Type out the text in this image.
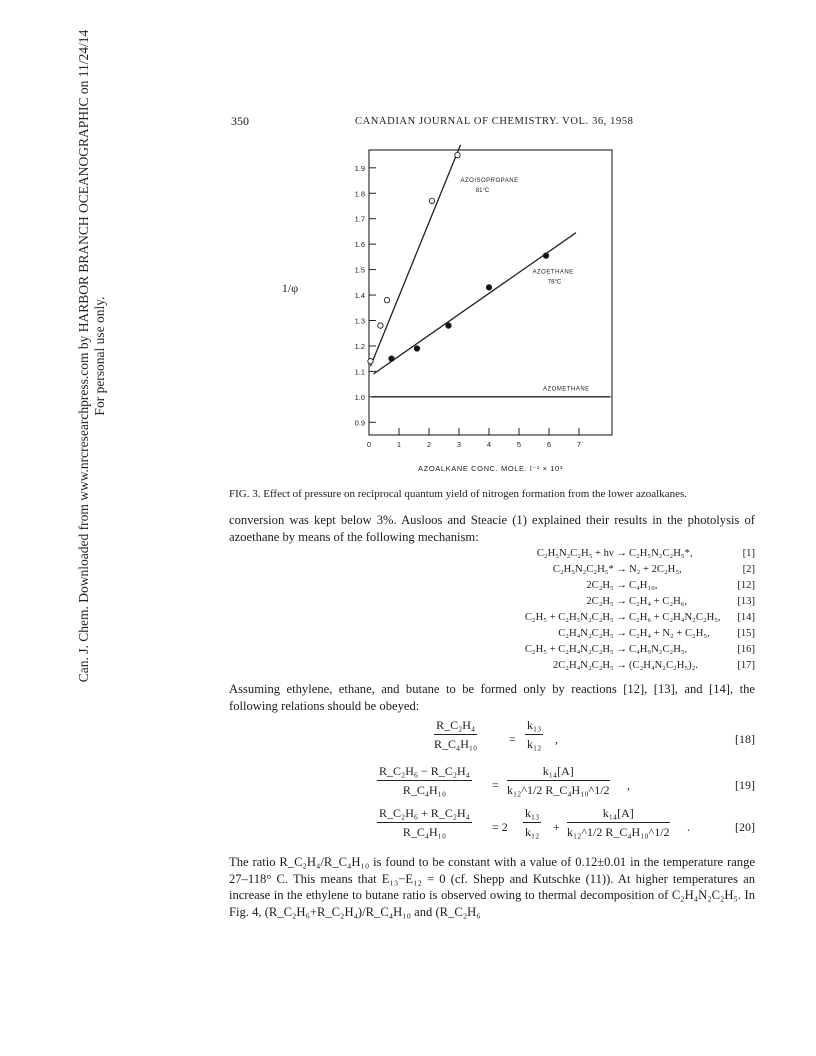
Can. J. Chem. Downloaded from www.nrcresearchpress.com by HARBOR BRANCH OCEANOGRAPHIC on 11/24/14 For personal use only.
350	CANADIAN JOURNAL OF CHEMISTRY. VOL. 36, 1958
0.9
1.0
1.1
1.2
1.3
1.4
1.5
1.6
1.7
1.8
1.9
0	1	2	3	4	5	6	7
AZOISOPROPANE
81°C
AZOETHANE
78°C
AZOMETHANE
AZOALKANE CONC. MOLE. l⁻¹ × 10³
1/φ
FIG. 3. Effect of pressure on reciprocal quantum yield of nitrogen formation from the lower azoalkanes.
conversion was kept below 3%. Ausloos and Steacie (1) explained their results in the photolysis of azoethane by means of the following mechanism:
C₂H₅N₂C₂H₅ + hν → C₂H₅N₂C₂H₅*,	[1]
C₂H₅N₂C₂H₅* → N₂ + 2C₂H₅,	[2]
2C₂H₅ → C₄H₁₀,	[12]
2C₂H₅ → C₂H₄ + C₂H₆,	[13]
C₂H₅ + C₂H₅N₂C₂H₅ → C₂H₆ + C₂H₄N₂C₂H₅, [14]
C₂H₄N₂C₂H₅ → C₂H₄ + N₂ + C₂H₅,	[15]
C₂H₅ + C₂H₄N₂C₂H₅ → C₄H₉N₂C₂H₅,	[16]
2C₂H₄N₂C₂H₅ → (C₂H₄N₂C₂H₅)₂.	[17]
Assuming ethylene, ethane, and butane to be formed only by reactions [12], [13], and [14], the following relations should be obeyed:
$\frac{\text{R\_C₂H₄}}{\text{R\_C₄H₁₀}}$	= $\frac{\text{k₁₃}}{\text{k₁₂}}$ ,	[18]
$\frac{\text{R\_C₂H₆ − R\_C₂H₄}}{\text{R\_C₄H₁₀}} = \frac{\text{k₁₄[A]}}{\text{k₁₂\textasciicircum{}1/2 R\_C₄H₁₀\textasciicircum{}1/2}}$ ,	[19]
$\frac{\text{R\_C₂H₆ + R\_C₂H₄}}{\text{R\_C₄H₁₀}} = 2 \frac{\text{k₁₃}}{\text{k₁₂}} + \frac{\text{k₁₄[A]}}{\text{k₁₂\textasciicircum{}1/2 R\_C₄H₁₀\textasciicircum{}1/2}}$ .	[20]
The ratio R_C₂H₄/R_C₄H₁₀ is found to be constant with a value of 0.12±0.01 in the temperature range 27–118° C. This means that E₁₃−E₁₂ = 0 (cf. Shepp and Kutschke (11)). At higher temperatures an increase in the ethylene to butane ratio is observed owing to thermal decomposition of C₂H₄N₂C₂H₅. In Fig. 4, (R_C₂H₆+R_C₂H₄)/R_C₄H₁₀ and (R_C₂H₆
